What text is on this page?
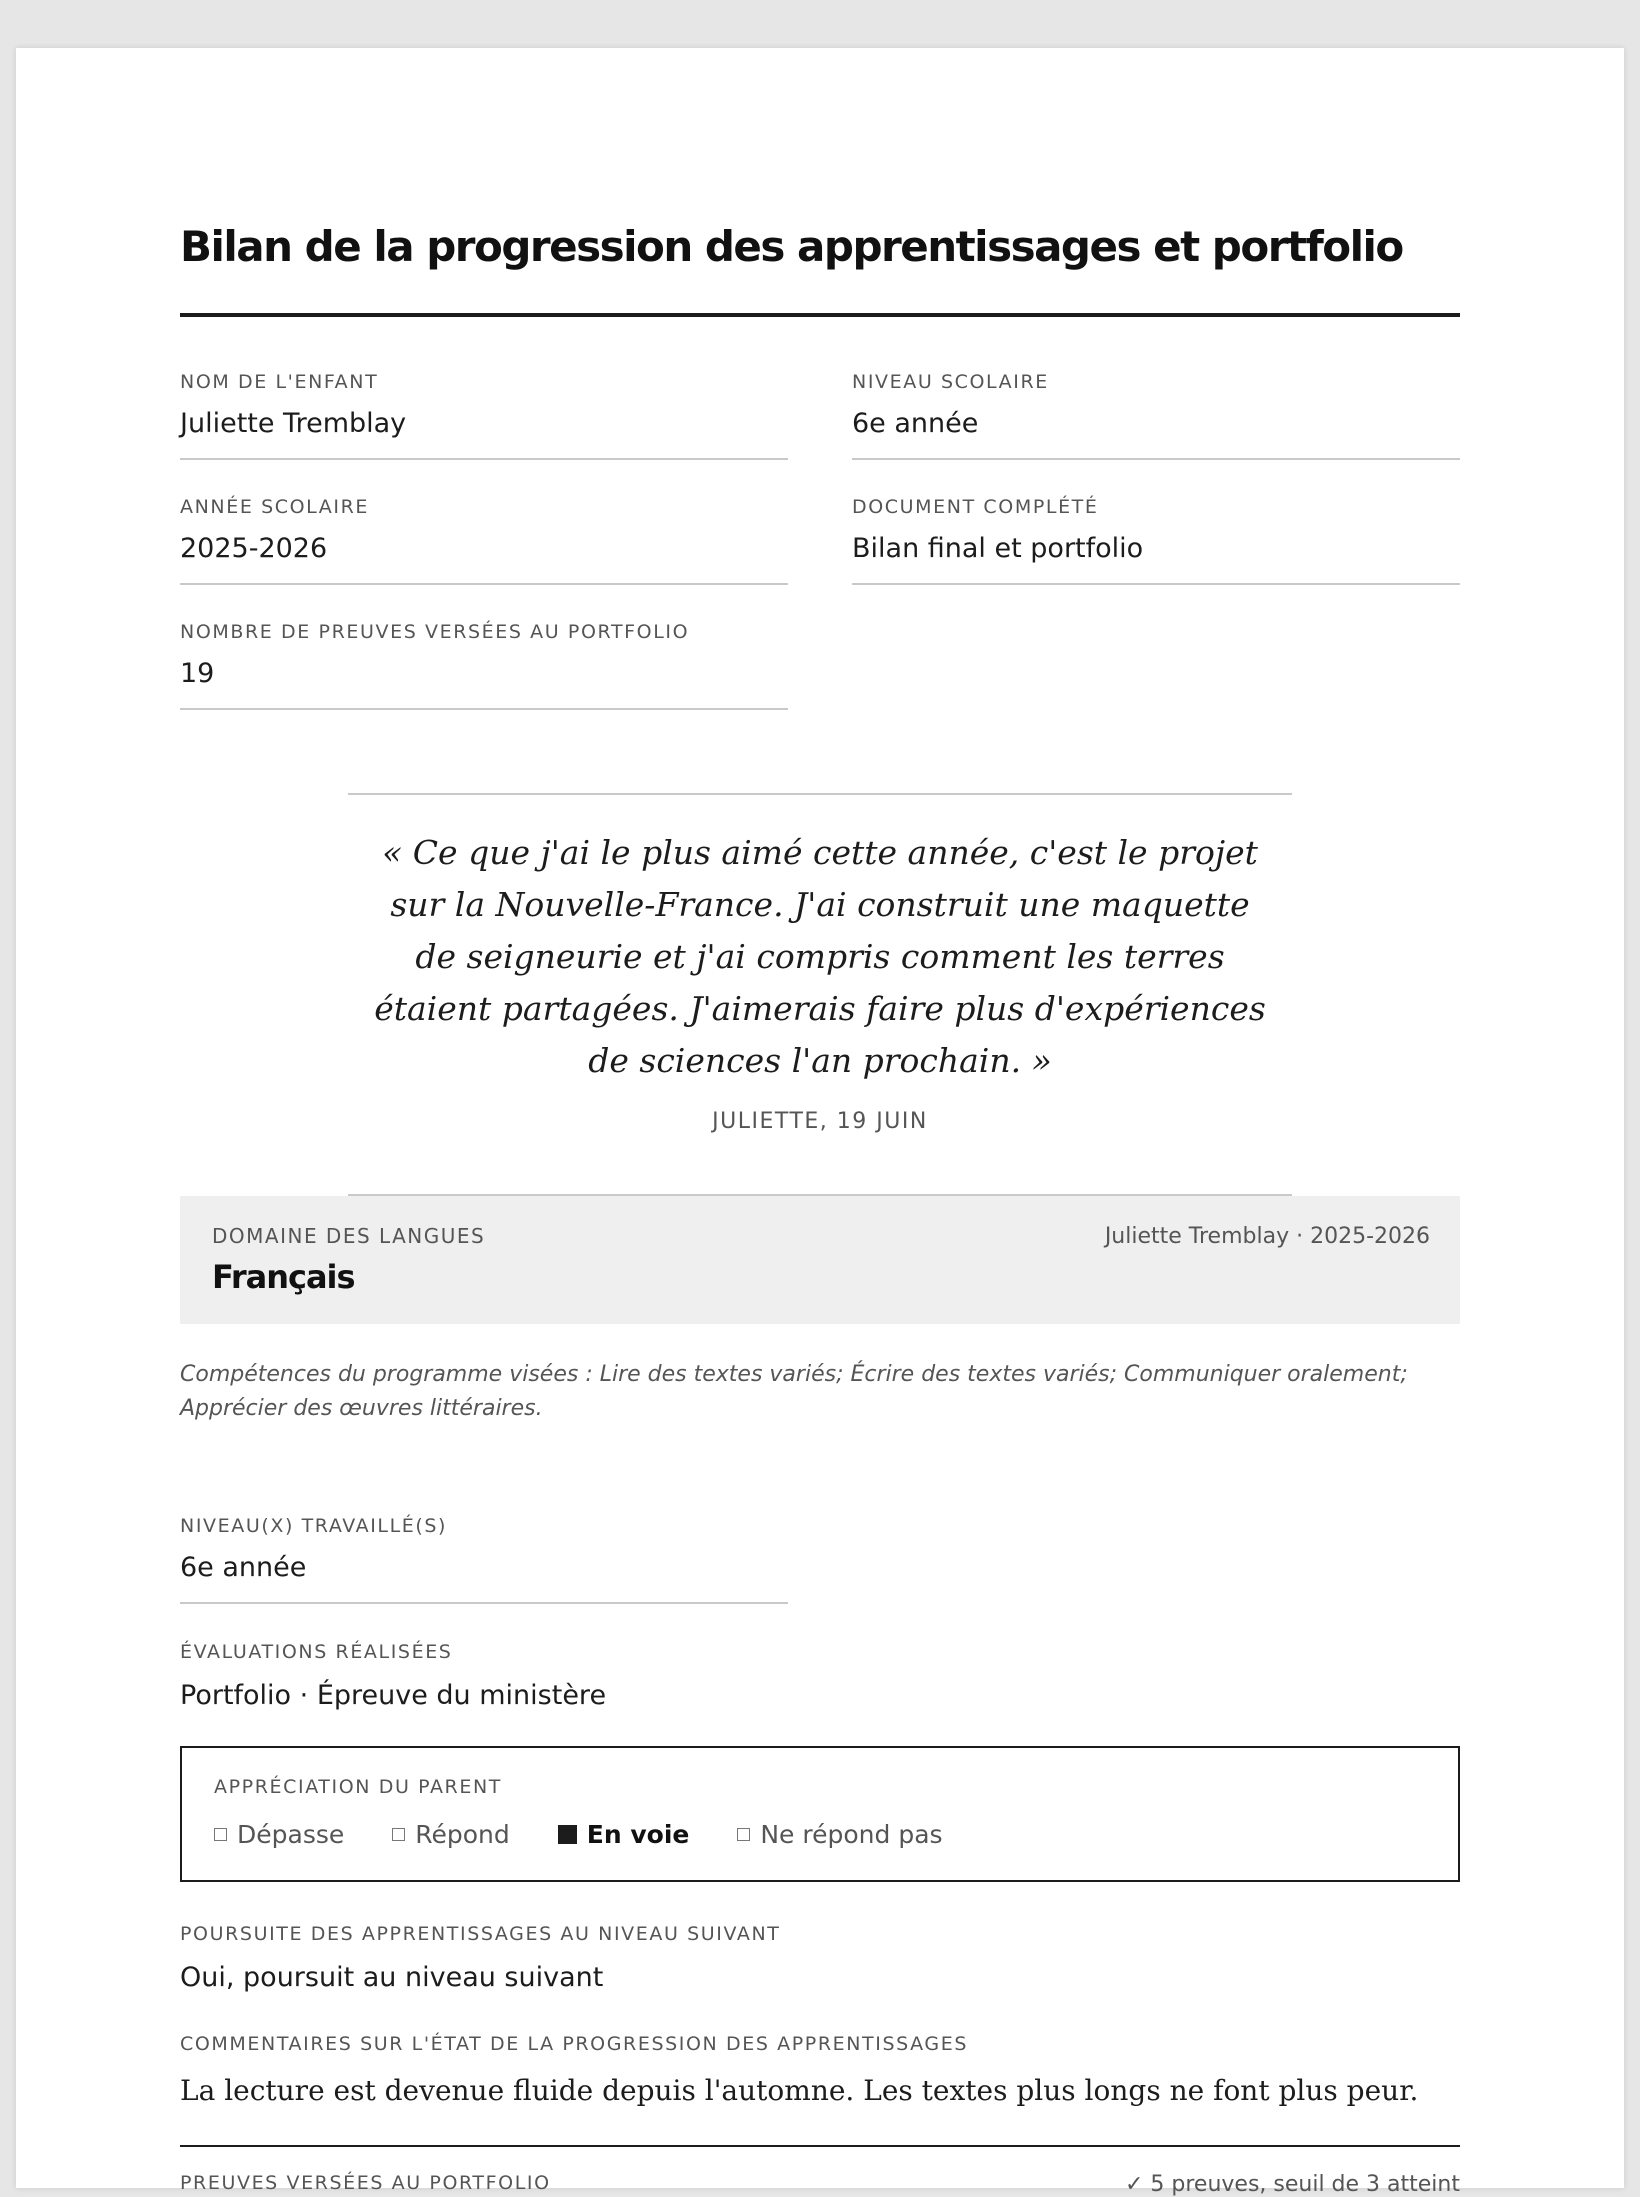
Bilan de la progression des apprentissages et portfolio
NOM DE L'ENFANT
Juliette Tremblay
NIVEAU SCOLAIRE
6e année
ANNÉE SCOLAIRE
2025-2026
DOCUMENT COMPLÉTÉ
Bilan final et portfolio
NOMBRE DE PREUVES VERSÉES AU PORTFOLIO
19

« Ce que j'ai le plus aimé cette année, c'est le projet sur la Nouvelle-France. J'ai construit une maquette de seigneurie et j'ai compris comment les terres étaient partagées. J'aimerais faire plus d'expériences de sciences l'an prochain. »

JULIETTE, 19 JUIN
DOMAINE DES LANGUES
Français
Juliette Tremblay · 2025-2026
Compétences du programme visées : Lire des textes variés; Écrire des textes variés; Communiquer oralement; Apprécier des œuvres littéraires.
NIVEAU(X) TRAVAILLÉ(S)
6e année
ÉVALUATIONS RÉALISÉES
Portfolio · Épreuve du ministère
APPRÉCIATION DU PARENT
Dépasse	Répond	En voie	Ne répond pas
POURSUITE DES APPRENTISSAGES AU NIVEAU SUIVANT
Oui, poursuit au niveau suivant
COMMENTAIRES SUR L'ÉTAT DE LA PROGRESSION DES APPRENTISSAGES
La lecture est devenue fluide depuis l'automne. Les textes plus longs ne font plus peur.
PREUVES VERSÉES AU PORTFOLIO	✓ 5 preuves, seuil de 3 atteint
